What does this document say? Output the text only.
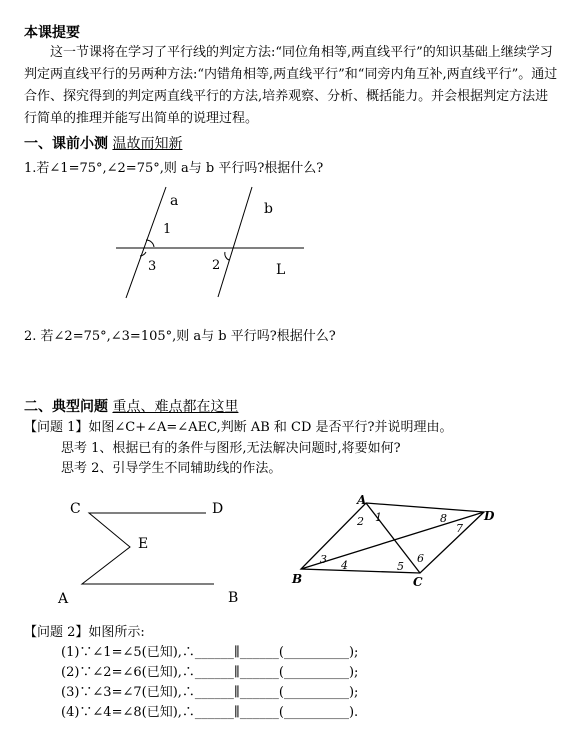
本课提要
这一节课将在学习了平行线的判定方法:“同位角相等,两直线平行”的知识基础上继续学习判定两直线平行的另两种方法:“内错角相等,两直线平行”和“同旁内角互补,两直线平行”。通过合作、探究得到的判定两直线平行的方法,培养观察、分析、概括能力。并会根据判定方法进行简单的推理并能写出简单的说理过程。
一、课前小测 温故而知新
1.若∠1=75°,∠2=75°,则 a与 b 平行吗?根据什么?
a	b
1
3	2	L
2. 若∠2=75°,∠3=105°,则 a与 b 平行吗?根据什么?
二、典型问题 重点、难点都在这里
【问题 1】如图∠C+∠A=∠AEC,判断 AB 和 CD 是否平行?并说明理由。
思考 1、根据已有的条件与图形,无法解决问题时,将要如何?
思考 2、引导学生不同辅助线的作法。
C	D
E
A	B
A
B	C
D
1
2
3 4	5
6
7
8
【问题 2】如图所示:
(1)∵∠1=∠5(已知),∴______∥______(__________);
(2)∵∠2=∠6(已知),∴______∥______(__________);
(3)∵∠3=∠7(已知),∴______∥______(__________);
(4)∵∠4=∠8(已知),∴______∥______(__________).
